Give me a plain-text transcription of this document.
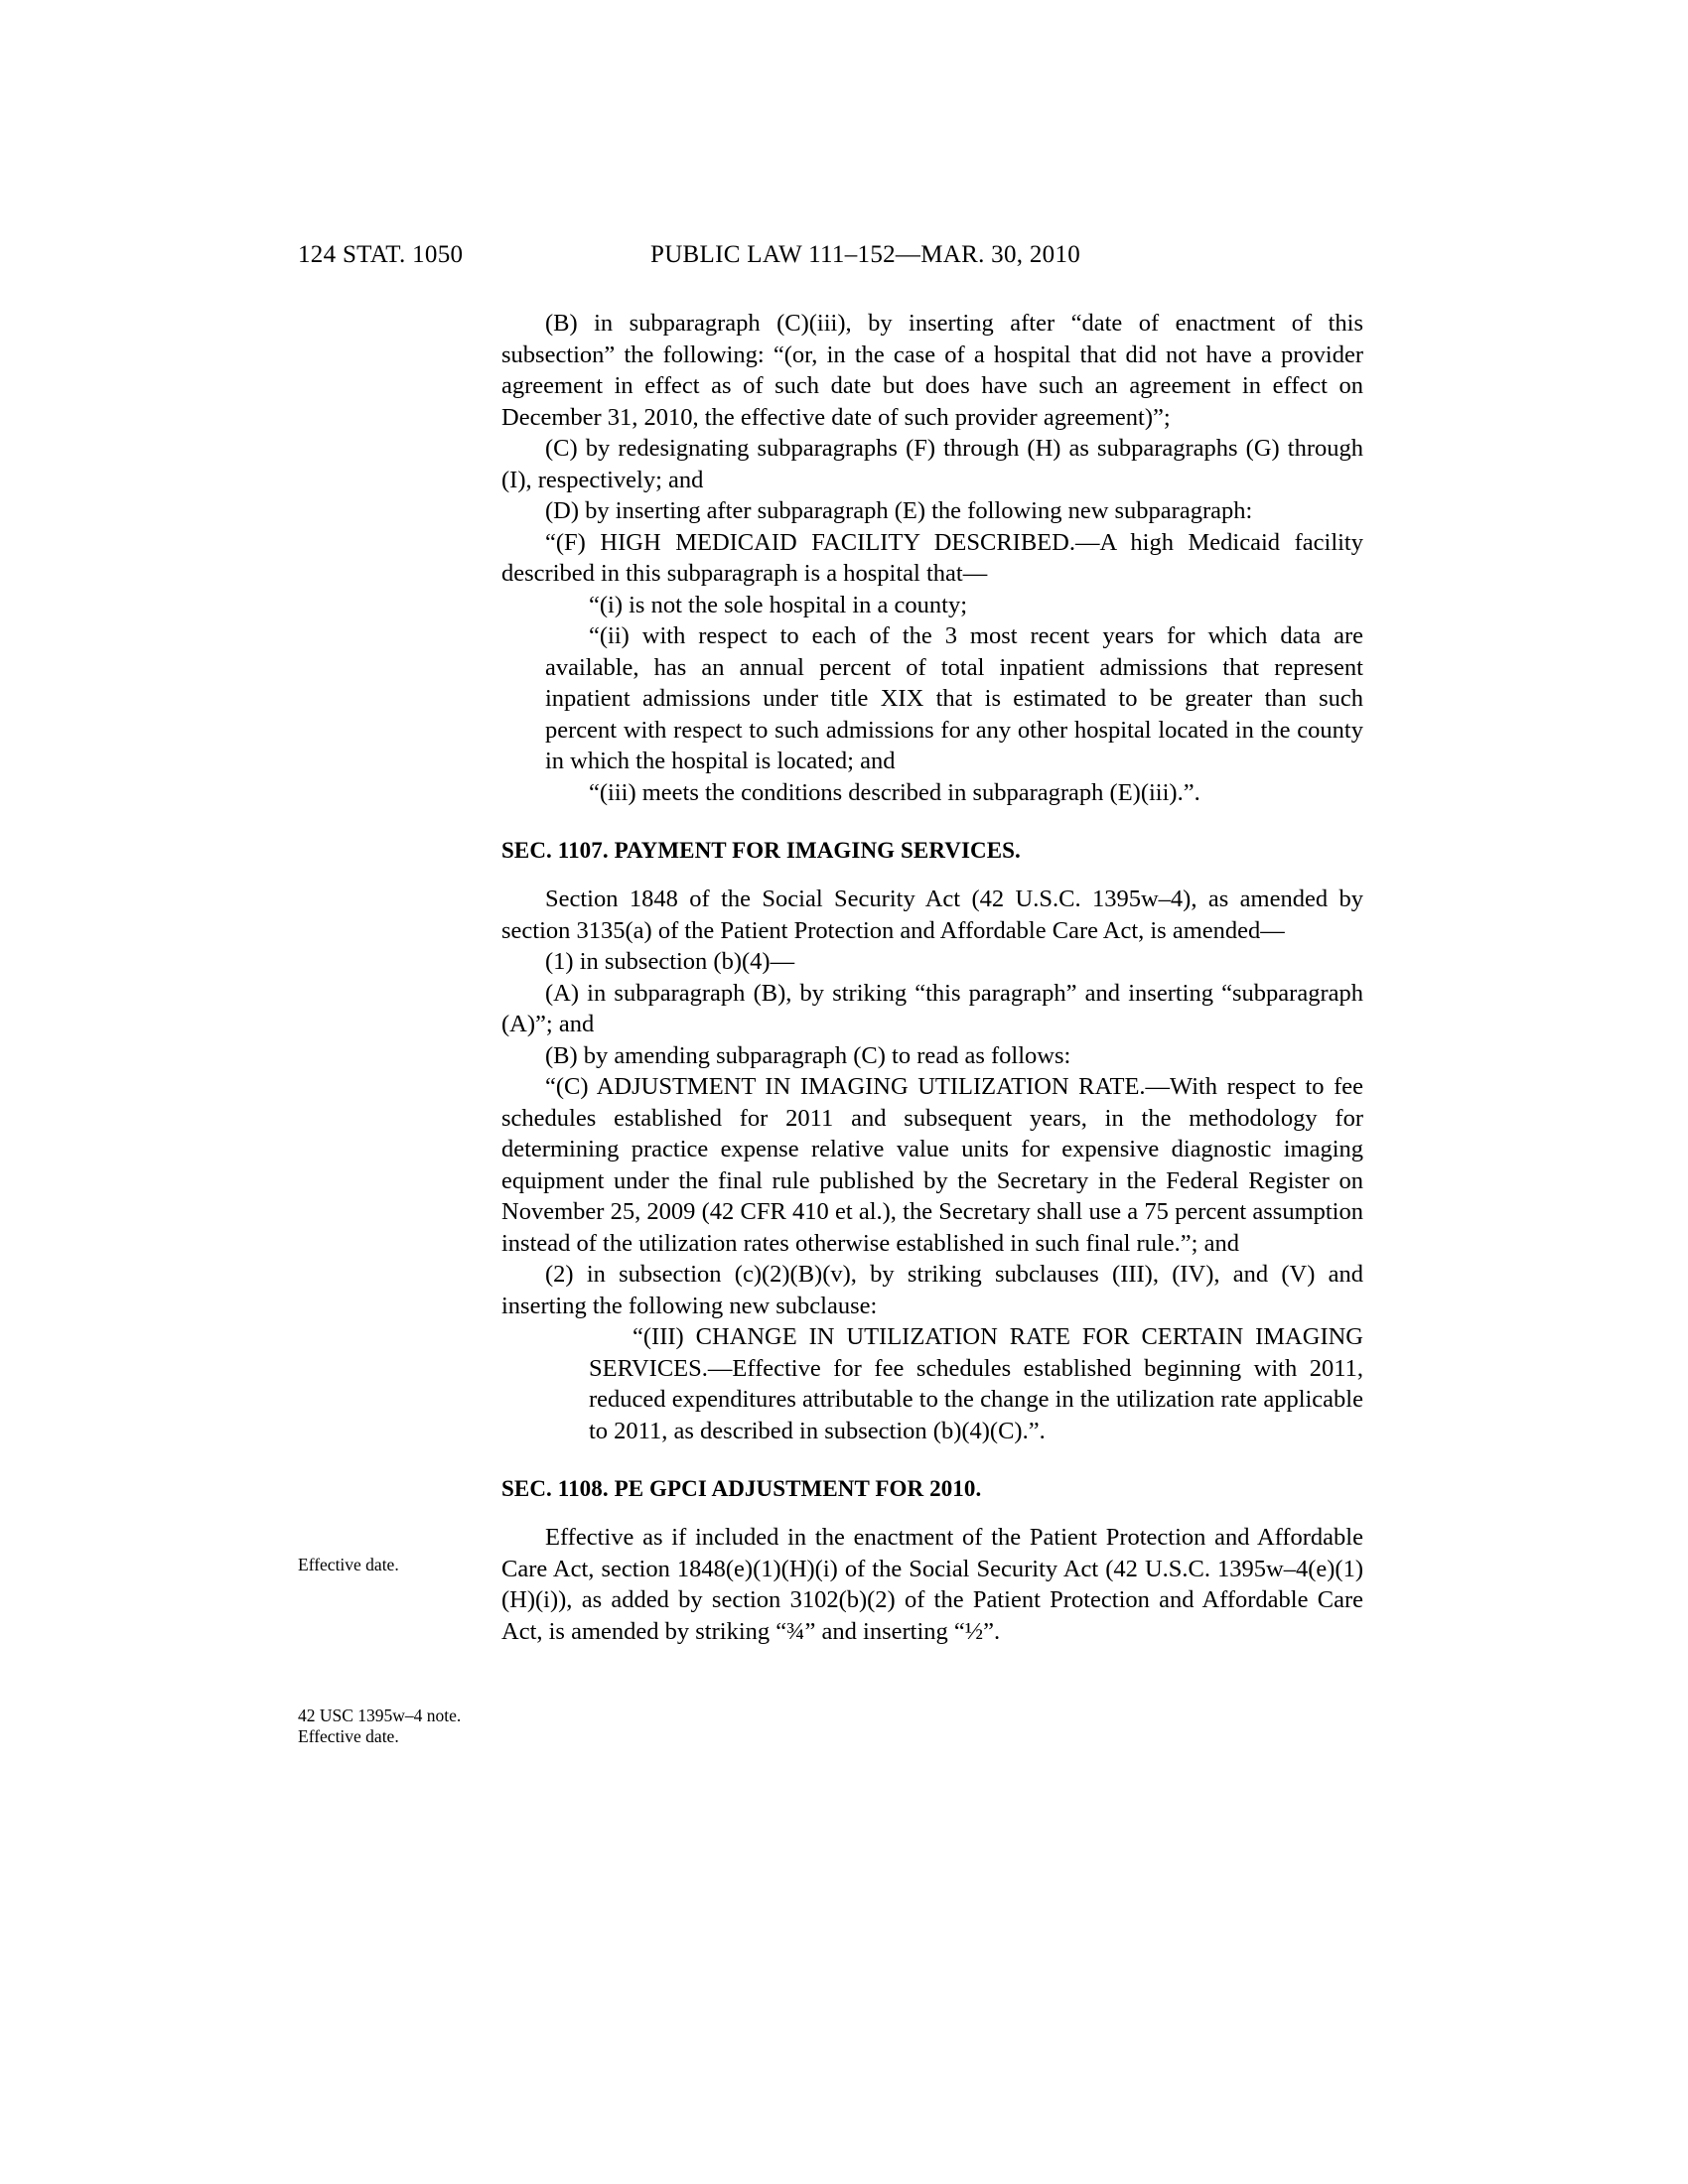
124 STAT. 1050	PUBLIC LAW 111–152—MAR. 30, 2010
Effective date.
42 USC 1395w–4 note.
Effective date.

(B) in subparagraph (C)(iii), by inserting after “date of enactment of this subsection” the following: “(or, in the case of a hospital that did not have a provider agreement in effect as of such date but does have such an agreement in effect on December 31, 2010, the effective date of such provider agreement)”;

(C) by redesignating subparagraphs (F) through (H) as subparagraphs (G) through (I), respectively; and

(D) by inserting after subparagraph (E) the following new subparagraph:

“(F) HIGH MEDICAID FACILITY DESCRIBED.—A high Medicaid facility described in this subparagraph is a hospital that—

“(i) is not the sole hospital in a county;

“(ii) with respect to each of the 3 most recent years for which data are available, has an annual percent of total inpatient admissions that represent inpatient admissions under title XIX that is estimated to be greater than such percent with respect to such admissions for any other hospital located in the county in which the hospital is located; and

“(iii) meets the conditions described in subparagraph (E)(iii).”.

SEC. 1107. PAYMENT FOR IMAGING SERVICES.

Section 1848 of the Social Security Act (42 U.S.C. 1395w–4), as amended by section 3135(a) of the Patient Protection and Affordable Care Act, is amended—

(1) in subsection (b)(4)—

(A) in subparagraph (B), by striking “this paragraph” and inserting “subparagraph (A)”; and

(B) by amending subparagraph (C) to read as follows:

“(C) ADJUSTMENT IN IMAGING UTILIZATION RATE.—With respect to fee schedules established for 2011 and subsequent years, in the methodology for determining practice expense relative value units for expensive diagnostic imaging equipment under the final rule published by the Secretary in the Federal Register on November 25, 2009 (42 CFR 410 et al.), the Secretary shall use a 75 percent assumption instead of the utilization rates otherwise established in such final rule.”; and

(2) in subsection (c)(2)(B)(v), by striking subclauses (III), (IV), and (V) and inserting the following new subclause:

“(III) CHANGE IN UTILIZATION RATE FOR CERTAIN IMAGING SERVICES.—Effective for fee schedules established beginning with 2011, reduced expenditures attributable to the change in the utilization rate applicable to 2011, as described in subsection (b)(4)(C).”.

SEC. 1108. PE GPCI ADJUSTMENT FOR 2010.

Effective as if included in the enactment of the Patient Protection and Affordable Care Act, section 1848(e)(1)(H)(i) of the Social Security Act (42 U.S.C. 1395w–4(e)(1)(H)(i)), as added by section 3102(b)(2) of the Patient Protection and Affordable Care Act, is amended by striking “¾” and inserting “½”.
